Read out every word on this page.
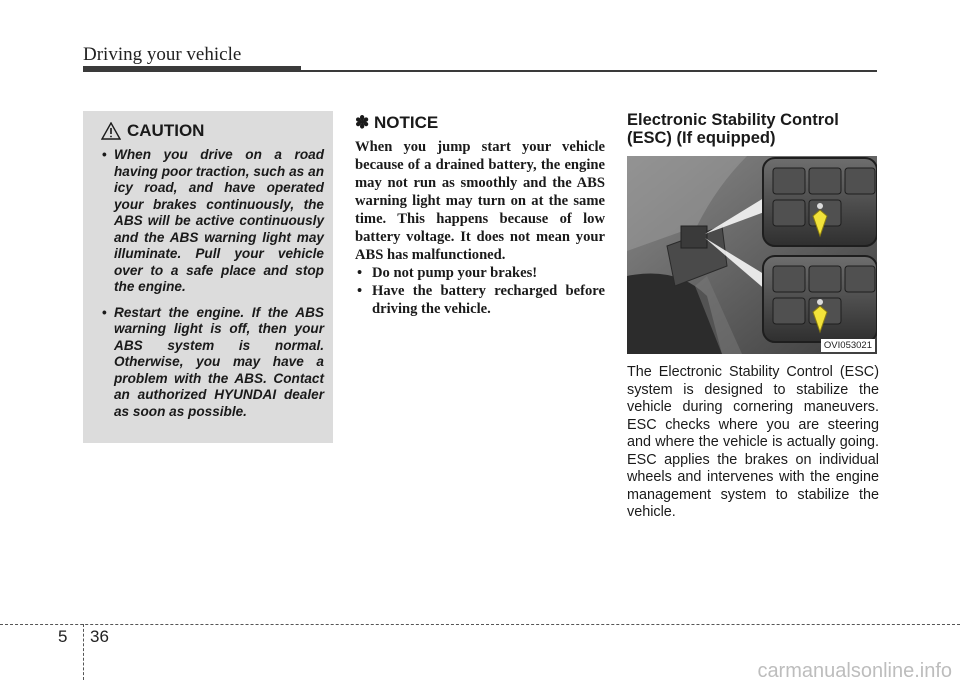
Driving your vehicle
CAUTION
• When you drive on a road having poor traction, such as an icy road, and have operated your brakes continuously, the ABS will be active continuously and the ABS warning light may illuminate. Pull your vehicle over to a safe place and stop the engine.
• Restart the engine. If the ABS warning light is off, then your ABS system is normal. Otherwise, you may have a problem with the ABS. Contact an authorized HYUNDAI dealer as soon as possible.
✽ NOTICE
When you jump start your vehicle because of a drained battery, the engine may not run as smoothly and the ABS warning light may turn on at the same time. This happens because of low battery voltage. It does not mean your ABS has malfunctioned.
• Do not pump your brakes!
• Have the battery recharged before driving the vehicle.
Electronic Stability Control (ESC) (If equipped)
OVI053021
The Electronic Stability Control (ESC) system is designed to stabilize the vehicle during cornering maneuvers. ESC checks where you are steering and where the vehicle is actually going. ESC applies the brakes on individual wheels and intervenes with the engine management system to stabilize the vehicle.
5 36
carmanualsonline.info
